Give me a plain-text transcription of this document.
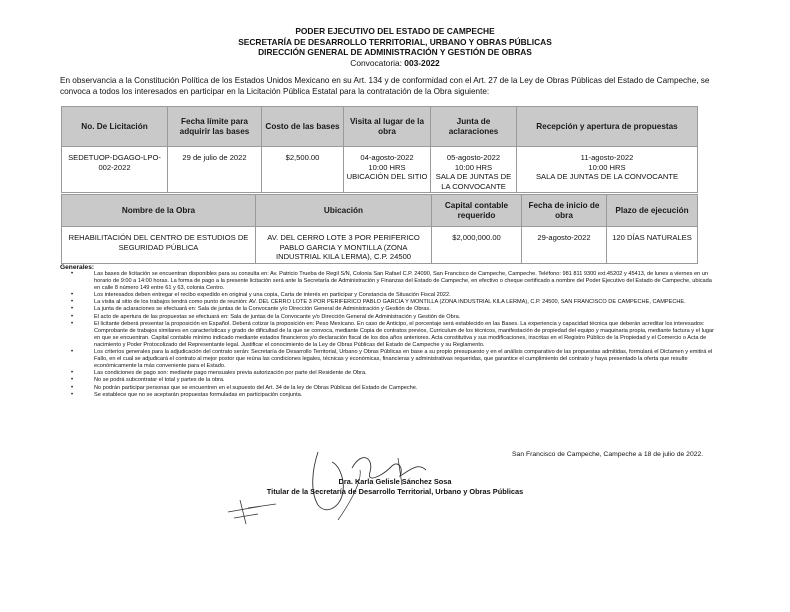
PODER EJECUTIVO DEL ESTADO DE CAMPECHE
SECRETARÍA DE DESARROLLO TERRITORIAL, URBANO Y OBRAS PÚBLICAS
DIRECCIÓN GENERAL DE ADMINISTRACIÓN Y GESTIÓN DE OBRAS
Convocatoria: 003-2022
En observancia a la Constitución Política de los Estados Unidos Mexicano en su Art. 134 y de conformidad con el Art. 27 de la Ley de Obras Públicas del Estado de Campeche, se convoca a todos los interesados en participar en la Licitación Pública Estatal para la contratación de la Obra siguiente:
No. De Licitación	Fecha límite para adquirir las bases	Costo de las bases	Visita al lugar de la obra	Junta de aclaraciones	Recepción y apertura de propuestas
SEDETUOP-DGAGO-LPO-002-2022	29 de julio de 2022	$2,500.00	04-agosto-2022
10:00 HRS
UBICACIÓN DEL SITIO	05-agosto-2022
10:00 HRS
SALA DE JUNTAS DE LA CONVOCANTE	11-agosto-2022
10:00 HRS
SALA DE JUNTAS DE LA CONVOCANTE
Nombre de la Obra	Ubicación	Capital contable requerido	Fecha de inicio de obra	Plazo de ejecución
REHABILITACIÓN DEL CENTRO DE ESTUDIOS DE SEGURIDAD PÚBLICA	AV. DEL CERRO LOTE 3 POR PERIFERICO PABLO GARCIA Y MONTILLA (ZONA INDUSTRIAL KILA LERMA), C.P. 24500	$2,000,000.00	29-agosto-2022	120 DÍAS NATURALES
Generales:
• Las bases de licitación se encuentran disponibles para su consulta en: Av. Patricio Trueba de Regil S/N, Colonia San Rafael C.P. 24090, San Francisco de Campeche, Campeche. Teléfono: 981 811 9300 ext.45202 y 45413, de lunes a viernes en un horario de 9:00 a 14:00 horas. La forma de pago a la presente licitación será ante la Secretaría de Administración y Finanzas del Estado de Campeche, en efectivo o cheque certificado a nombre del Poder Ejecutivo del Estado de Campeche, ubicada en calle 8 número 149 entre 61 y 63, colonia Centro.
• Los interesados deben entregar el recibo expedido en original y una copia, Carta de interés en participar y Constancia de Situación Fiscal 2022.
• La visita al sitio de los trabajos tendrá como punto de reunión: AV. DEL CERRO LOTE 3 POR PERIFERICO PABLO GARCIA Y MONTILLA (ZONA INDUSTRIAL KILA LERMA), C.P. 24500, SAN FRANCISCO DE CAMPECHE, CAMPECHE.
• La junta de aclaraciones se efectuará en: Sala de juntas de la Convocante y/o Dirección General de Administración y Gestión de Obras.
• El acto de apertura de las propuestas se efectuará en: Sala de juntas de la Convocante y/o Dirección General de Administración y Gestión de Obra.
• El licitante deberá presentar la proposición en Español. Deberá cotizar la proposición en: Peso Mexicano. En caso de Anticipo, el porcentaje será establecido en las Bases. La experiencia y capacidad técnica que deberán acreditar los interesados: Comprobante de trabajos similares en características y grado de dificultad de la que se convoca, mediante Copia de contratos previos, Curriculum de los técnicos, manifestación de propiedad del equipo y maquinaria propia, mediante factura y el lugar en que se encuentran. Capital contable mínimo indicado mediante estados financieros y/o declaración fiscal de los dos años anteriores. Acta constitutiva y sus modificaciones, inscritas en el Registro Público de la Propiedad y el Comercio o Acta de nacimiento y Poder Protocolizado del Representante legal. Justificar el conocimiento de la Ley de Obras Públicas del Estado de Campeche y su Reglamento.
• Los criterios generales para la adjudicación del contrato serán: Secretaría de Desarrollo Territorial, Urbano y Obras Públicas en base a su propio presupuesto y en el análisis comparativo de las propuestas admitidas, formulará el Dictamen y emitirá el Fallo, en el cual se adjudicará el contrato al mejor postor que reúna las condiciones legales, técnicas y económicas, financieras y administrativas requeridas, que garantice el cumplimiento del contrato y haya presentado la oferta que resulte económicamente la más conveniente para el Estado.
• Las condiciones de pago son: mediante pago mensuales previa autorización por parte del Residente de Obra.
• No se podrá subcontratar el total y partes de la obra.
• No podrán participar personas que se encuentren en el supuesto del Art. 34 de la ley de Obras Públicas del Estado de Campeche.
• Se establece que no se aceptarán propuestas formuladas en participación conjunta.
San Francisco de Campeche, Campeche a 18 de julio de 2022.
Dra. Karla Gelisle Sánchez Sosa
Titular de la Secretaría de Desarrollo Territorial, Urbano y Obras Públicas
